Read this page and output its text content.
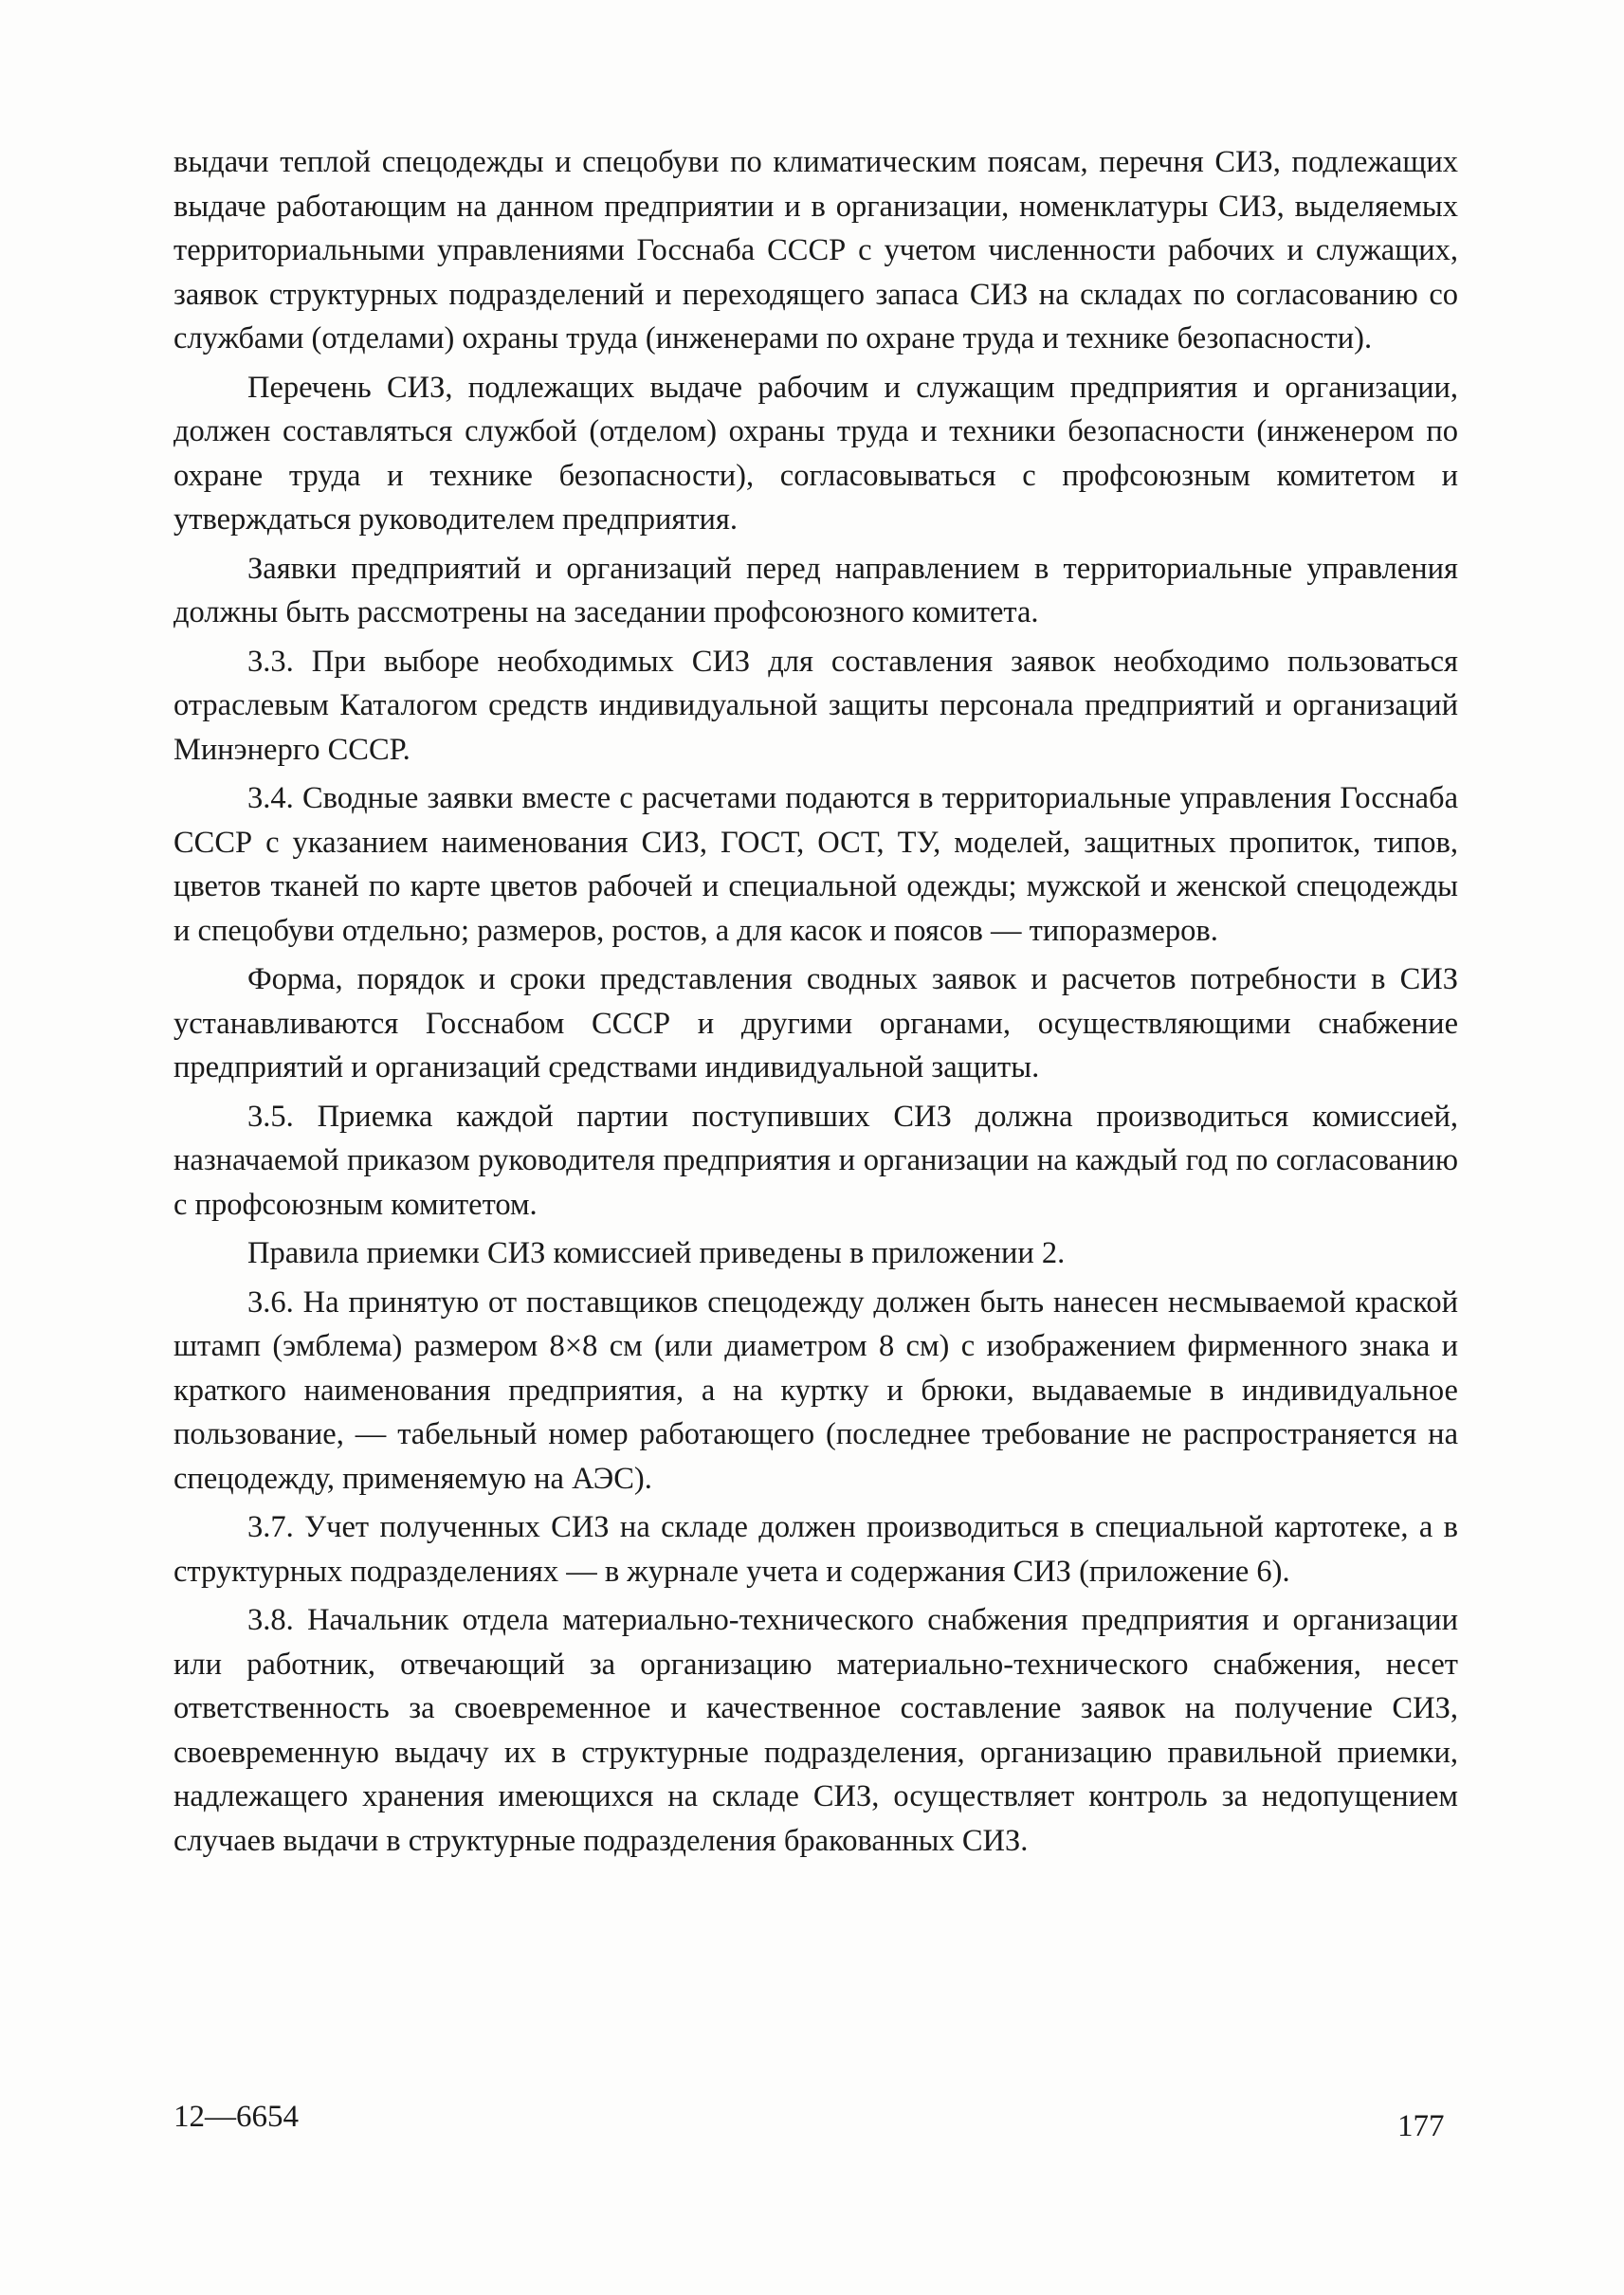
выдачи теплой спецодежды и спецобуви по климатическим поясам, перечня СИЗ, подлежащих выдаче работающим на данном предприятии и в организации, номенклатуры СИЗ, выделяемых территориальными управлениями Госснаба СССР с учетом численности рабочих и служащих, заявок структурных подразделений и переходящего запаса СИЗ на складах по согласованию со службами (отделами) охраны труда (инженерами по охране труда и технике безопасности).

Перечень СИЗ, подлежащих выдаче рабочим и служащим предприятия и организации, должен составляться службой (отделом) охраны труда и техники безопасности (инженером по охране труда и технике безопасности), согласовываться с профсоюзным комитетом и утверждаться руководителем предприятия.

Заявки предприятий и организаций перед направлением в территориальные управления должны быть рассмотрены на заседании профсоюзного комитета.

3.3. При выборе необходимых СИЗ для составления заявок необходимо пользоваться отраслевым Каталогом средств индивидуальной защиты персонала предприятий и организаций Минэнерго СССР.

3.4. Сводные заявки вместе с расчетами подаются в территориальные управления Госснаба СССР с указанием наименования СИЗ, ГОСТ, ОСТ, ТУ, моделей, защитных пропиток, типов, цветов тканей по карте цветов рабочей и специальной одежды; мужской и женской спецодежды и спецобуви отдельно; размеров, ростов, а для касок и поясов — типоразмеров.

Форма, порядок и сроки представления сводных заявок и расчетов потребности в СИЗ устанавливаются Госснабом СССР и другими органами, осуществляющими снабжение предприятий и организаций средствами индивидуальной защиты.

3.5. Приемка каждой партии поступивших СИЗ должна производиться комиссией, назначаемой приказом руководителя предприятия и организации на каждый год по согласованию с профсоюзным комитетом.

Правила приемки СИЗ комиссией приведены в приложении 2.

3.6. На принятую от поставщиков спецодежду должен быть нанесен несмываемой краской штамп (эмблема) размером 8×8 см (или диаметром 8 см) с изображением фирменного знака и краткого наименования предприятия, а на куртку и брюки, выдаваемые в индивидуальное пользование, — табельный номер работающего (последнее требование не распространяется на спецодежду, применяемую на АЭС).

3.7. Учет полученных СИЗ на складе должен производиться в специальной картотеке, а в структурных подразделениях — в журнале учета и содержания СИЗ (приложение 6).

3.8. Начальник отдела материально-технического снабжения предприятия и организации или работник, отвечающий за организацию материально-технического снабжения, несет ответственность за своевременное и качественное составление заявок на получение СИЗ, своевременную выдачу их в структурные подразделения, организацию правильной приемки, надлежащего хранения имеющихся на складе СИЗ, осуществляет контроль за недопущением случаев выдачи в структурные подразделения бракованных СИЗ.

12—6654	177
